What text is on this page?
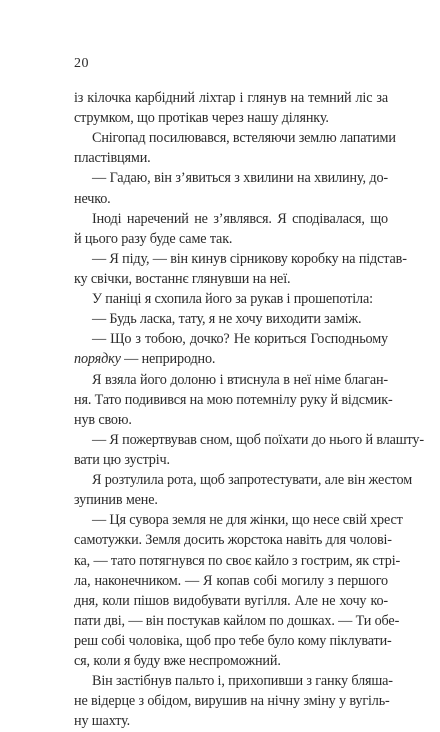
20
із кілочка карбідний ліхтар і глянув на темний ліс за
струмком, що протікав через нашу ділянку.
Снігопад посилювався, встеляючи землю лапатими
пластівцями.
— Гадаю, він з’явиться з хвилини на хвилину, до-
нечко.
Іноді наречений не з’являвся. Я сподівалася, що
й цього разу буде саме так.
— Я піду, — він кинув сірникову коробку на підстав-
ку свічки, востаннє глянувши на неї.
У паніці я схопила його за рукав і прошепотіла:
— Будь ласка, тату, я не хочу виходити заміж.
— Що з тобою, дочко? Не кориться Господньому
порядку — неприродно.
Я взяла його долоню і втиснула в неї німе благан-
ня. Тато подивився на мою потемнілу руку й відсмик-
нув свою.
— Я пожертвував сном, щоб поїхати до нього й влашту-
вати цю зустріч.
Я розтулила рота, щоб запротестувати, але він жестом
зупинив мене.
— Ця сувора земля не для жінки, що несе свій хрест
самотужки. Земля досить жорстока навіть для чолові-
ка, — тато потягнувся по своє кайло з гострим, як стрі-
ла, наконечником. — Я копав собі могилу з першого
дня, коли пішов видобувати вугілля. Але не хочу ко-
пати дві, — він постукав кайлом по дошках. — Ти обе-
реш собі чоловіка, щоб про тебе було кому піклувати-
ся, коли я буду вже неспроможний.
Він застібнув пальто і, прихопивши з ганку бляша-
не відерце з обідом, вирушив на нічну зміну у вугіль-
ну шахту.
